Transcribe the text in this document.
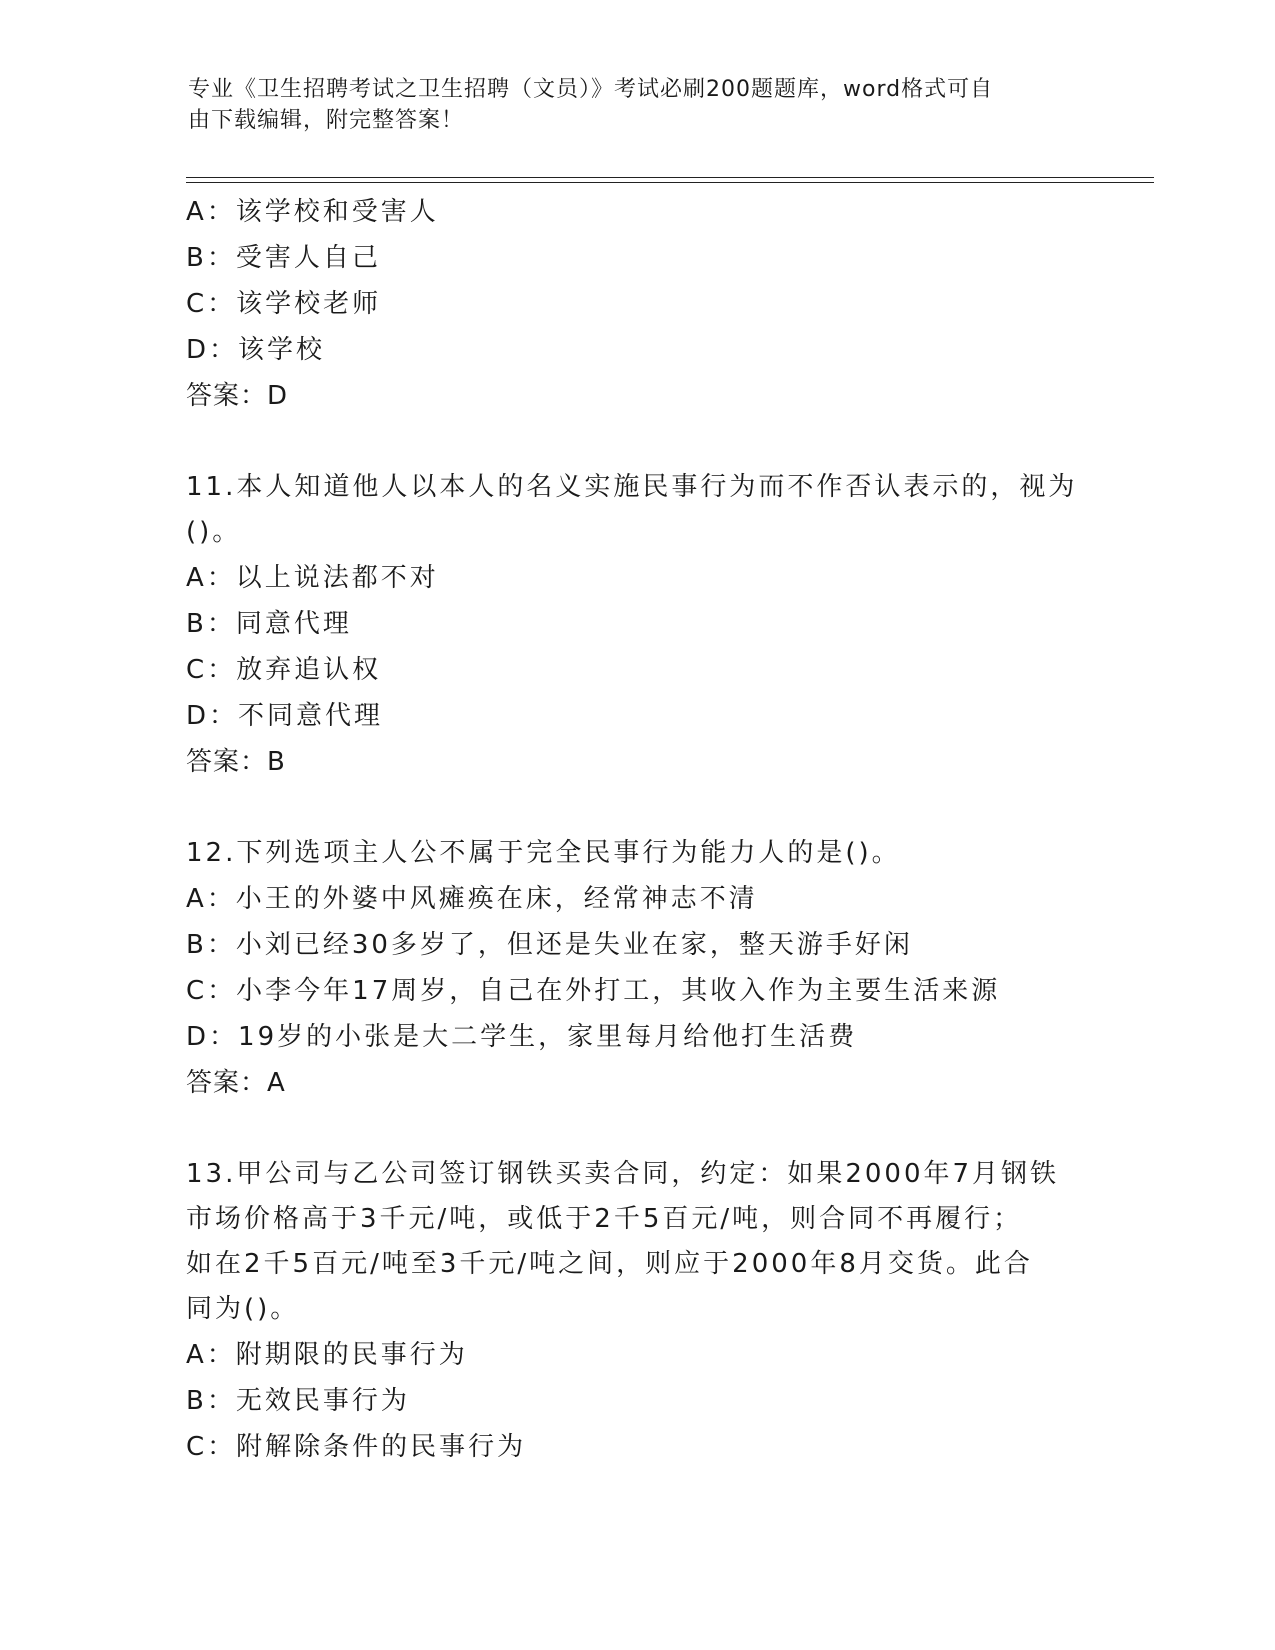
专业《卫生招聘考试之卫生招聘（文员）》考试必刷200题题库，word格式可自
由下载编辑，附完整答案！
A：该学校和受害人
B：受害人自己
C：该学校老师
D：该学校
答案：D
11.本人知道他人以本人的名义实施民事行为而不作否认表示的，视为
()。
A：以上说法都不对
B：同意代理
C：放弃追认权
D：不同意代理
答案：B
12.下列选项主人公不属于完全民事行为能力人的是()。
A：小王的外婆中风瘫痪在床，经常神志不清
B：小刘已经30多岁了，但还是失业在家，整天游手好闲
C：小李今年17周岁，自己在外打工，其收入作为主要生活来源
D：19岁的小张是大二学生，家里每月给他打生活费
答案：A
13.甲公司与乙公司签订钢铁买卖合同，约定：如果2000年7月钢铁
市场价格高于3千元/吨，或低于2千5百元/吨，则合同不再履行；
如在2千5百元/吨至3千元/吨之间，则应于2000年8月交货。此合
同为()。
A：附期限的民事行为
B：无效民事行为
C：附解除条件的民事行为
